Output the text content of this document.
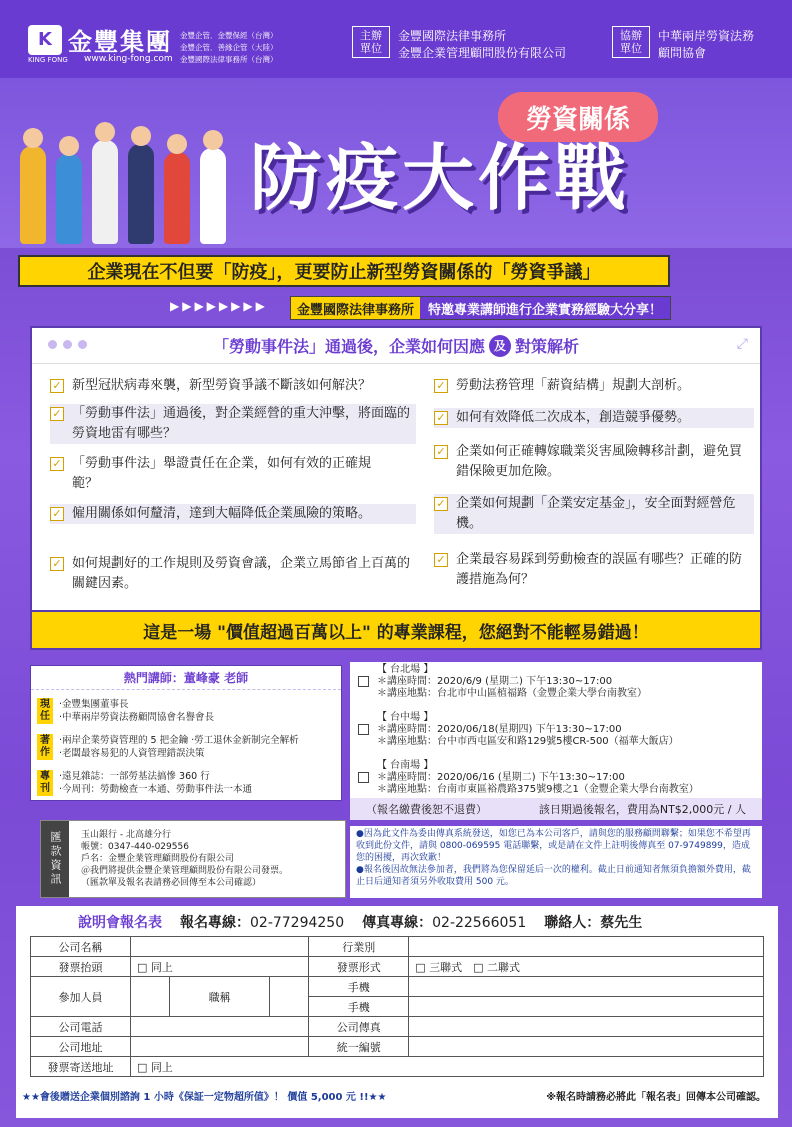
K 金豐集團
KING FONG www.king-fong.com
金豐企管．金豐保經（台灣）
金豐企管．善緣企管（大陸）
金豐國際法律事務所（台灣）
主辦單位
金豐國際法律事務所
金豐企業管理顧問股份有限公司
協辦單位
中華兩岸勞資法務
顧問協會
勞資關係
防疫大作戰
企業現在不但要「防疫」，更要防止新型勞資關係的「勞資爭議」
▶▶▶▶▶▶▶▶	金豐國際法律事務所	特邀專業講師進行企業實務經驗大分享！
「勞動事件法」通過後，企業如何因應 及 對策解析	⤢
✓ 新型冠狀病毒來襲，新型勞資爭議不斷該如何解決？
✓ 「勞動事件法」通過後，對企業經營的重大沖擊，將面臨的勞資地雷有哪些？
✓ 「勞動事件法」舉證責任在企業，如何有效的正確規範？
✓ 僱用關係如何釐清，達到大幅降低企業風險的策略。
✓ 如何規劃好的工作規則及勞資會議，企業立馬節省上百萬的關鍵因素。
✓ 勞動法務管理「薪資結構」規劃大剖析。
✓ 如何有效降低二次成本，創造競爭優勢。
✓ 企業如何正確轉嫁職業災害風險轉移計劃，避免買錯保險更加危險。
✓ 企業如何規劃「企業安定基金」，安全面對經營危機。
✓ 企業最容易踩到勞動檢查的誤區有哪些？正確的防護措施為何？
這是一場 "價值超過百萬以上" 的專業課程，您絕對不能輕易錯過！
熱門講師：董峰豪 老師
現任
‧金豐集團董事長
‧中華兩岸勞資法務顧問協會名譽會長
著作
‧兩岸企業勞資管理的 5 把金鑰 ‧勞工退休金新制完全解析
‧老闆最容易犯的人資管理錯誤決策
專刊
‧遠見雜誌：一部勞基法搞慘 360 行
‧今周刊：勞動檢查一本通、勞動事件法一本通
【 台北場 】
＊講座時間：2020/6/9 (星期二) 下午13:30~17:00
＊講座地點：台北市中山區植福路（金豐企業大學台南教室）
【 台中場 】
＊講座時間：2020/06/18(星期四) 下午13:30~17:00
＊講座地點：台中市西屯區安和路129號5樓CR-500（福華大飯店）
【 台南場 】
＊講座時間：2020/06/16 (星期二) 下午13:30~17:00
＊講座地點：台南市東區裕農路375號9樓之1（金豐企業大學台南教室）
（報名繳費後恕不退費）	該日期過後報名，費用為NT$2,000元 / 人
匯款資訊	玉山銀行 - 北高雄分行
帳號：0347-440-029556
戶名：金豐企業管理顧問股份有限公司
＠我們將提供金豐企業管理顧問股份有限公司發票。
（匯款單及報名表請務必回傳至本公司確認）
●因為此文件為委由傳真系統發送，如您已為本公司客戶，請與您的服務顧問聯繫；如果您不希望再收到此份文件，請與 0800-069595 電話聯繫，或是請在文件上註明後傳真至 07-9749899，造成您的困擾，再次致歉！
●報名後因故無法參加者，我們將為您保留延后一次的權利。截止日前通知者無須負擔額外費用，截止日后通知者須另外收取費用 500 元。
說明會報名表 報名專線：02-77294250 傳真專線：02-22566051 聯絡人：蔡先生
公司名稱				行業別	
發票抬頭	□ 同上			發票形式	□ 三聯式　 □ 二聯式
參加人員		職稱		手機	
				手機	
公司電話				公司傳真	
公司地址				統一編號	
發票寄送地址	□ 同上				
★★會後贈送企業個別諮詢 1 小時《保証一定物超所值》！ 價值 5,000 元 !!★★	※報名時請務必將此「報名表」回傳本公司確認。
